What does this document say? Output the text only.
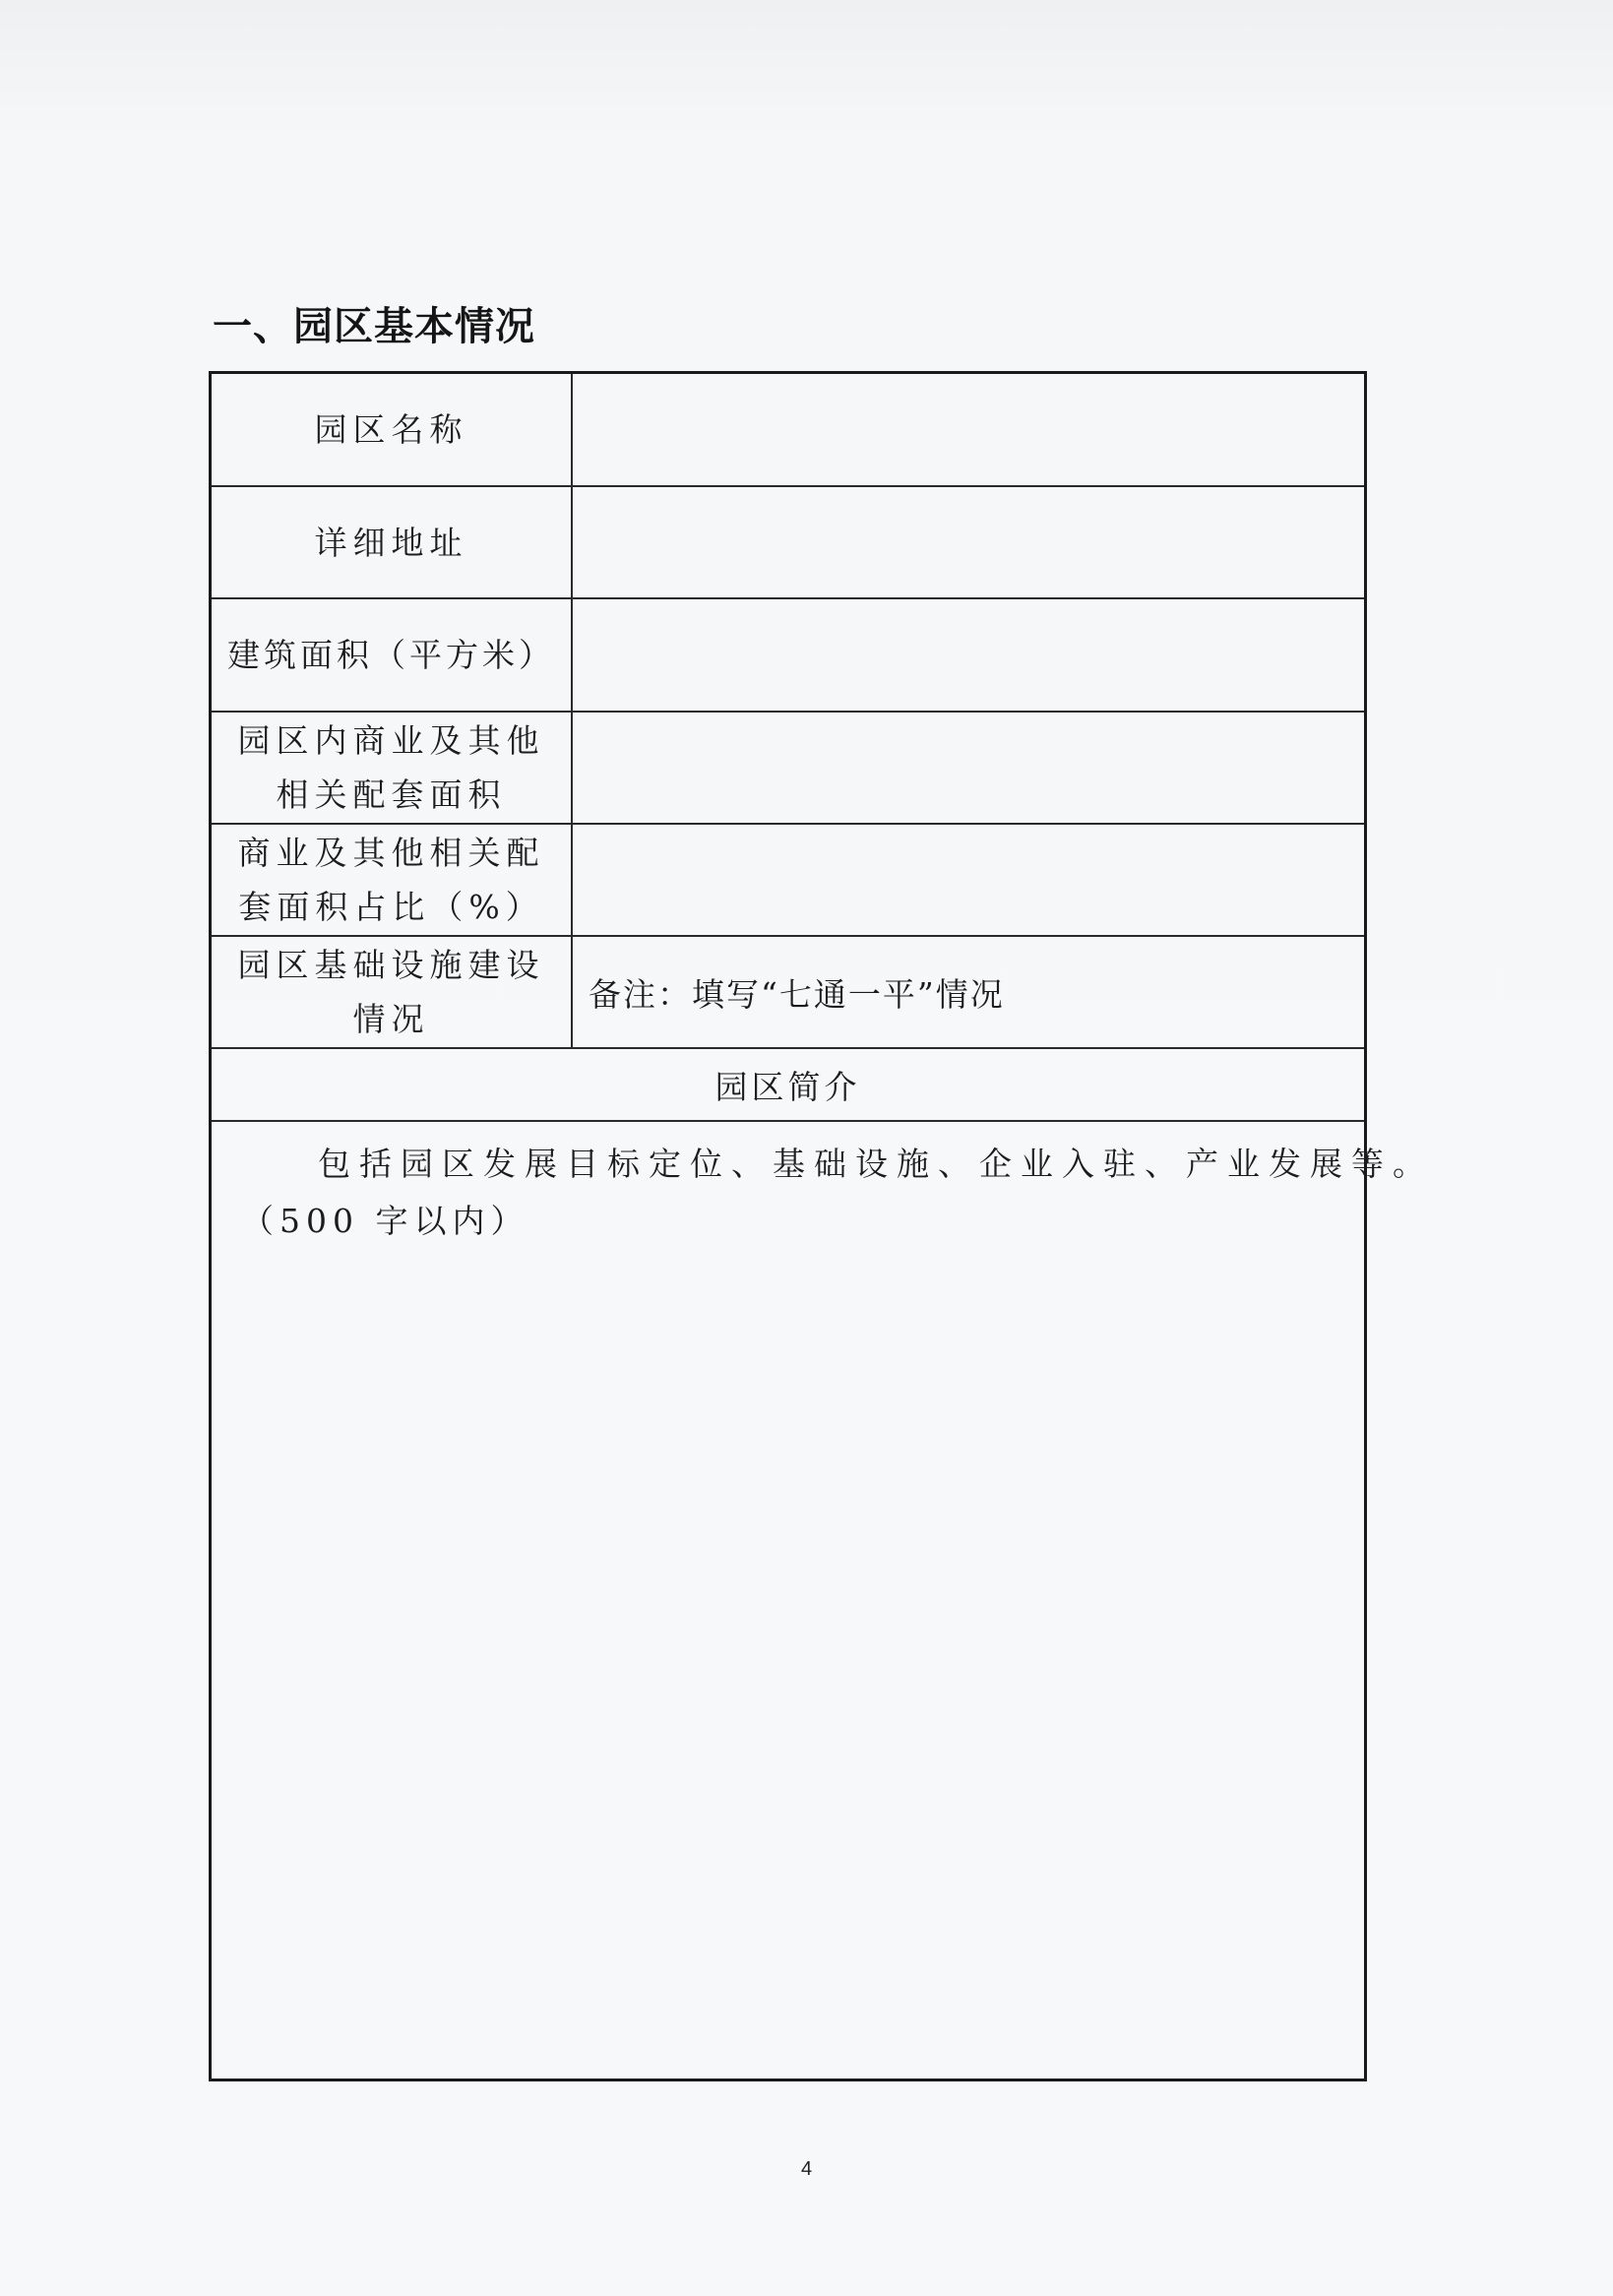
一、园区基本情况
园区名称
详细地址
建筑面积（平方米）
园区内商业及其他相关配套面积
商业及其他相关配套面积占比（%）
园区基础设施建设情况
备注：填写“七通一平”情况
园区简介
包括园区发展目标定位、基础设施、企业入驻、产业发展等。
（500 字以内）
4
